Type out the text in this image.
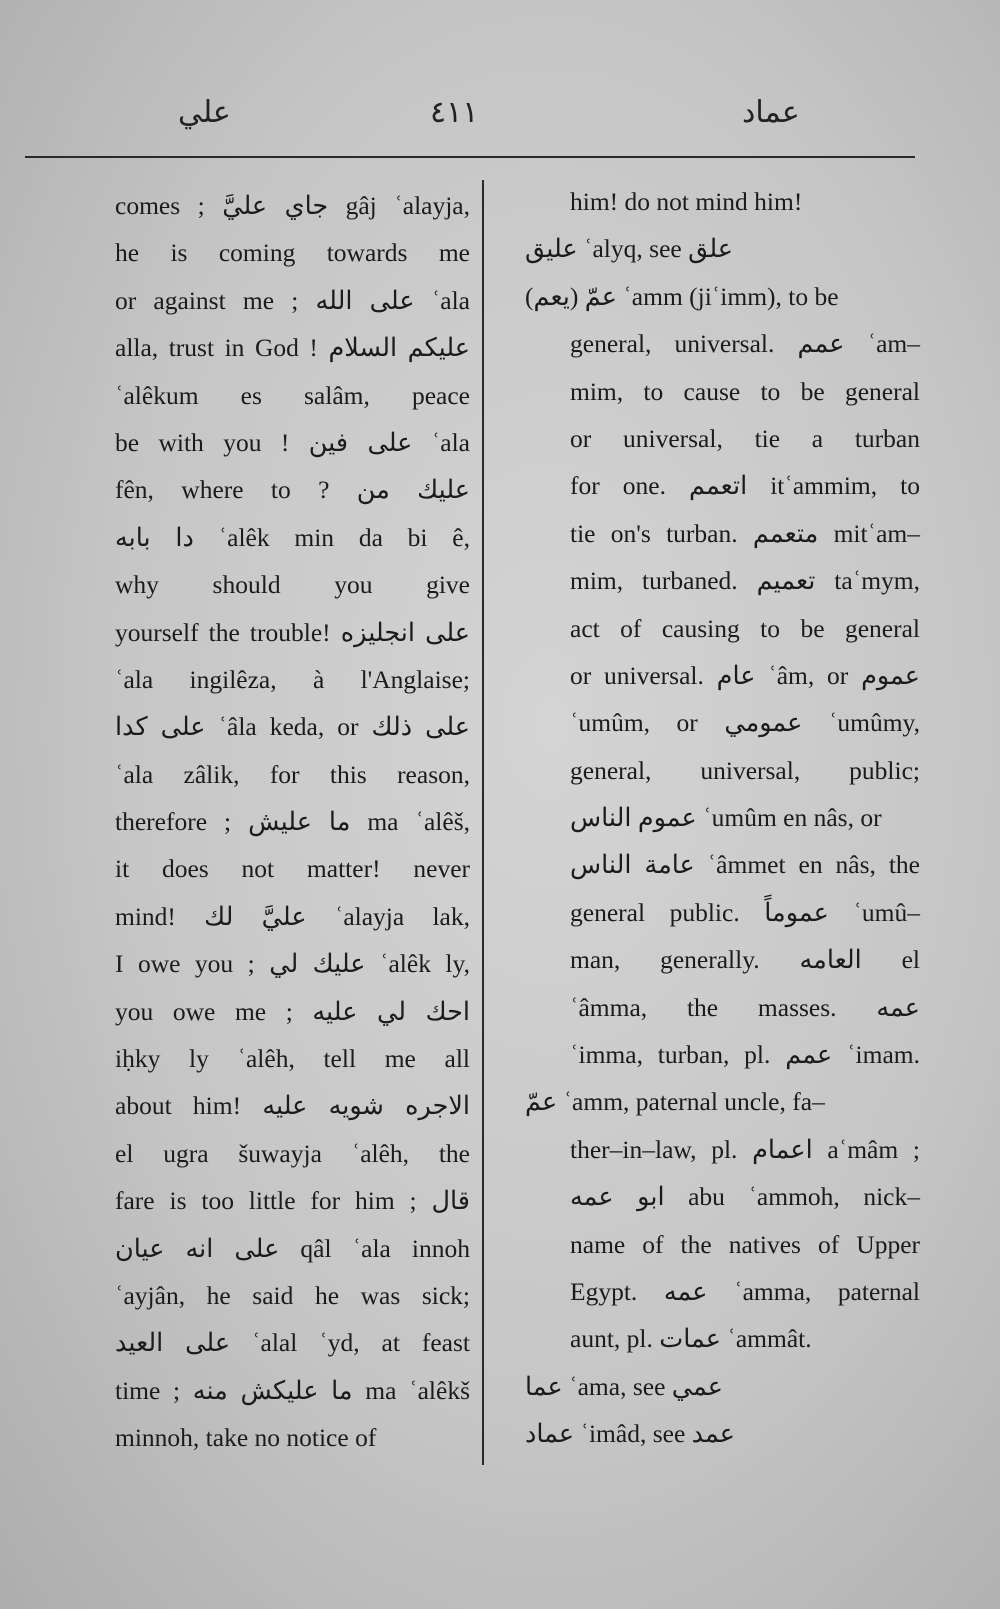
علي	٤١١	عماد
comes ; جاي عليَّ gâj ʿalayja,
he is coming towards me
or against me ; على الله ʿala
alla, trust in God ! عليكم السلام
ʿalêkum es salâm, peace
be with you ! على فين ʿala
fên, where to ? عليك من
دا بابه ʿalêk min da bi ê,
why should you give
yourself the trouble! على انجليزه
ʿala ingilêza, à l'Anglaise;
على كدا ʿâla keda, or على ذلك
ʿala zâlik, for this reason,
therefore ; ما عليش ma ʿalêš,
it does not matter! never
mind! عليَّ لك ʿalayja lak,
I owe you ; عليك لي ʿalêk ly,
you owe me ; احك لي عليه
iḥky ly ʿalêh, tell me all
about him! الاجره شويه عليه
el ugra šuwayja ʿalêh, the
fare is too little for him ; قال
على انه عيان qâl ʿala innoh
ʿayjân, he said he was sick;
على العيد ʿalal ʿyd, at feast
time ; ما عليكش منه ma ʿalêkš
minnoh, take no notice of
him! do not mind him!
عليق ʿalyq, see علق
عمّ (يعم) ʿamm (jiʿimm), to be
general, universal. عمم ʿam–
mim, to cause to be general
or universal, tie a turban
for one. اتعمم itʿammim, to
tie on's turban. متعمم mitʿam–
mim, turbaned. تعميم taʿmym,
act of causing to be general
or universal. عام ʿâm, or عموم
ʿumûm, or عمومي ʿumûmy,
general, universal, public;
عموم الناس ʿumûm en nâs, or
عامة الناس ʿâmmet en nâs, the
general public. عموماً ʿumû–
man, generally. العامه el
ʿâmma, the masses. عمه
ʿimma, turban, pl. عمم ʿimam.
عمّ ʿamm, paternal uncle, fa–
ther–in–law, pl. اعمام aʿmâm ;
ابو عمه abu ʿammoh, nick–
name of the natives of Upper
Egypt. عمه ʿamma, paternal
aunt, pl. عمات ʿammât.
عما ʿama, see عمي
عماد ʿimâd, see عمد
